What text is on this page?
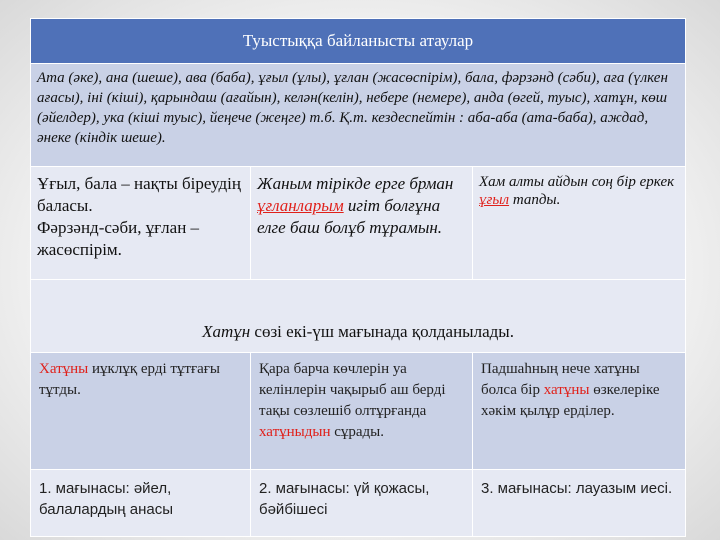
Туыстыққа байланысты атаулар		
Ата (әке), ана (шеше), ава (баба), ұғыл (ұлы), ұғлан (жасөспірім), бала, фәрзәнд (сәби), аға (үлкен ағасы), іні (кіші), қарындаш (ағайын), келән(келін), небере (немере), анда (өгей, туыс), хатұн, көш (әйелдер), ука (кіші туыс), йеңече (жеңге) т.б. Қ.т. кездеспейтін : аба-аба (ата-баба), аждад, әнеке (кіндік шеше).		

Ұғыл, бала – нақты біреудің баласы.
Фәрзәнд-сәби, ұғлан – жасөспірім.	Жаным тірікде ерге брман ұғланларым игіт болғұна елге баш болұб тұрамын.	Хам алты айдын соң бір еркек ұғыл тапды.
Хатұн сөзі екі-үш мағынада қолданылады.		
Хатұны иұклұқ ерді тұтғағы тұтды.	Қара барча көчлерін уа келінлерін чақырыб аш берді тақы сөзлешіб олтұрғанда хатұныдын сұрады.	Падшаһның нече хатұны болса бір хатұны өзкелеріке хәкім қылұр ерділер.
1. мағынасы: әйел, балалардың анасы	2. мағынасы: үй қожасы, бәйбішесі	3. мағынасы: лауазым иесі.
